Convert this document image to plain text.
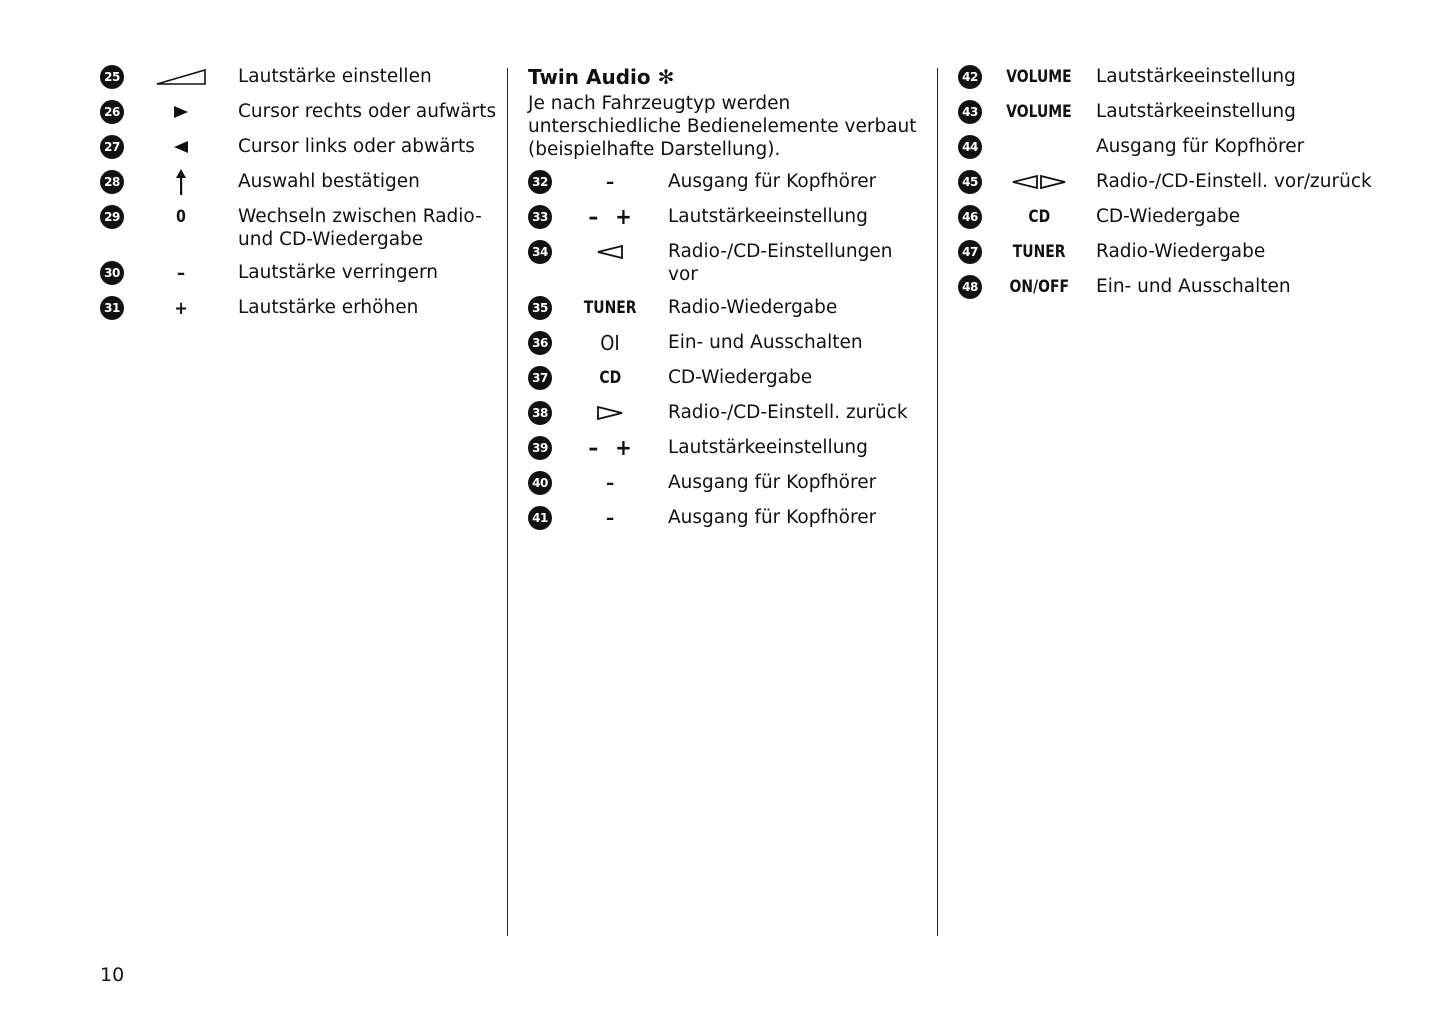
25	Lautstärke einstellen
26	Cursor rechts oder aufwärts
27	Cursor links oder abwärts
28	Auswahl bestätigen
29	0	Wechseln zwischen Radio- und CD-Wiedergabe
30	–	Lautstärke verringern
31	+	Lautstärke erhöhen
Twin Audio ✻

Je nach Fahrzeugtyp werden unterschiedliche Bedienelemente verbaut (beispielhafte Darstellung).

32	–	Ausgang für Kopfhörer
33 – + Lautstärkeeinstellung
34	Radio-/CD-Einstellungen vor
35 TUNER Radio-Wiedergabe
36	OI	Ein- und Ausschalten
37	CD	CD-Wiedergabe
38	Radio-/CD-Einstell. zurück
39 – + Lautstärkeeinstellung
40	–	Ausgang für Kopfhörer
41	–	Ausgang für Kopfhörer
42 VOLUME Lautstärkeeinstellung
43 VOLUME Lautstärkeeinstellung
44	Ausgang für Kopfhörer
45	Radio-/CD-Einstell. vor/zurück
46	CD CD-Wiedergabe
47 TUNER Radio-Wiedergabe
48 ON/OFF Ein- und Ausschalten
10
